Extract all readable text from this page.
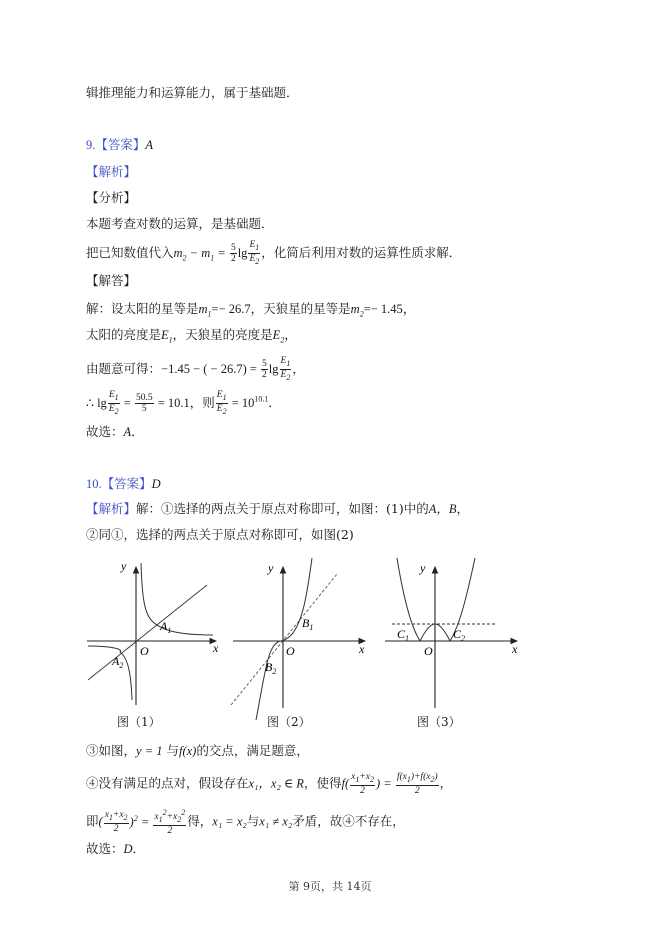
辑推理能力和运算能力，属于基础题．
9.【答案】A
【解析】
【分析】
本题考查对数的运算，是基础题．
把已知数值代入$m_2 - m_1 = \frac{5}{2}$ $\lg \frac{E_1}{E_2}$ ，化简后利用对数的运算性质求解．
【解答】
解：设太阳的星等是$m_1=- 26.7$，天狼星的星等是$m_2=- 1.45$，
太阳的亮度是$E_1$，天狼星的亮度是$E_2$，
由题意可得：−1.45 − ( − $26.7) = \frac{5}{2}$ $\lg \frac{E_1}{E_2}$ ，
∴ $\lg \frac{E_1}{E_2} = \frac{50.5}{5} = 10.1$，则 $\frac{E_1}{E_2} = 10^{10.1}$．
故选：A．
10.【答案】D
【解析】解：①选择的两点关于原点对称即可，如图：(1)中的A，B，
②同①，选择的两点关于原点对称即可，如图(2)
y
x
O
$A_1$
$A_2$
y
x
O
$B_1$
$B_2$
y
x
O
$C_1$	$C_2$
图（1）	图（2）	图（3）
③如图，y = 1 与f(x)的交点，满足题意，
④没有满足的点对，假设存在x₁，x₂ ∈ R，使得$f( \frac{x_1+x_2}{2}$ ) = $\frac{f(x_1)+f(x_2)}{2}$ ，
即( $\frac{x_1+x_2}{2} )^2 = \frac{x_1^2+x_2^2}{2}$ 得，x₁ = x₂与x₁ ≠ x₂矛盾，故④不存在，
故选：D．
第 9页，共 14页
